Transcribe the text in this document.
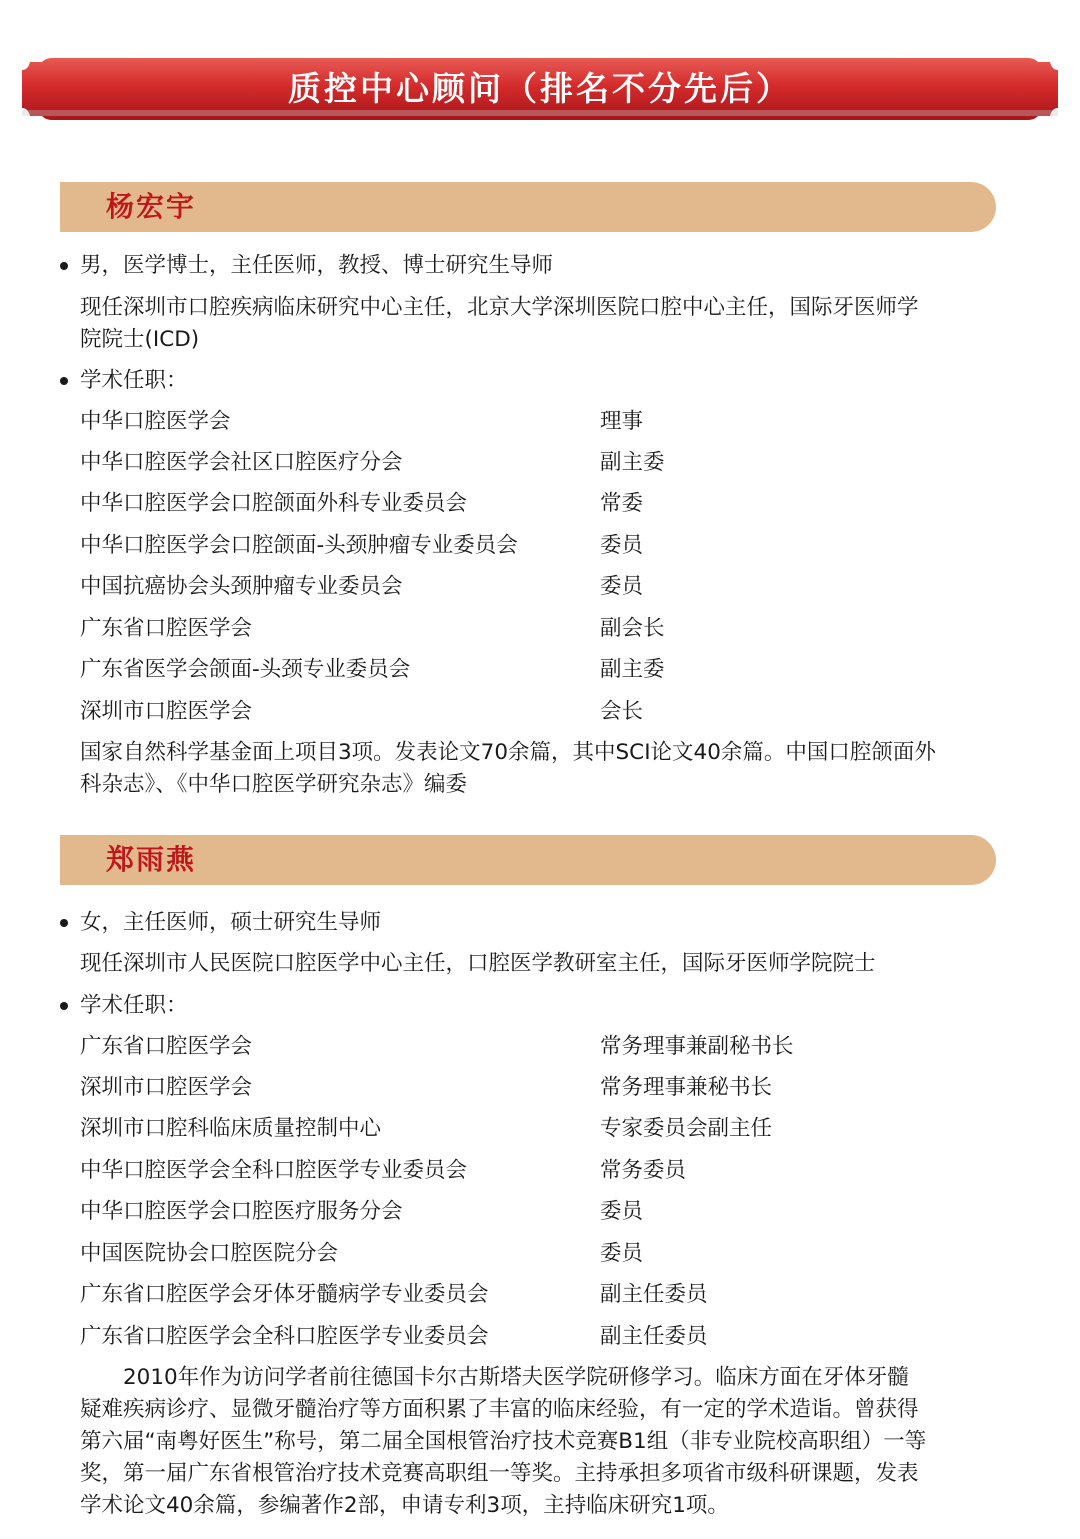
质控中心顾问（排名不分先后）
杨宏宇
男，医学博士，主任医师，教授、博士研究生导师
现任深圳市口腔疾病临床研究中心主任，北京大学深圳医院口腔中心主任，国际牙医师学
院院士(ICD)
学术任职：
中华口腔医学会	理事
中华口腔医学会社区口腔医疗分会	副主委
中华口腔医学会口腔颌面外科专业委员会	常委
中华口腔医学会口腔颌面-头颈肿瘤专业委员会	委员
中国抗癌协会头颈肿瘤专业委员会	委员
广东省口腔医学会	副会长
广东省医学会颌面-头颈专业委员会	副主委
深圳市口腔医学会	会长
国家自然科学基金面上项目3项。发表论文70余篇，其中SCI论文40余篇。中国口腔颌面外
科杂志》、《中华口腔医学研究杂志》编委
郑雨燕
女，主任医师，硕士研究生导师
现任深圳市人民医院口腔医学中心主任，口腔医学教研室主任，国际牙医师学院院士
学术任职：
广东省口腔医学会	常务理事兼副秘书长
深圳市口腔医学会	常务理事兼秘书长
深圳市口腔科临床质量控制中心	专家委员会副主任
中华口腔医学会全科口腔医学专业委员会	常务委员
中华口腔医学会口腔医疗服务分会	委员
中国医院协会口腔医院分会	委员
广东省口腔医学会牙体牙髓病学专业委员会	副主任委员
广东省口腔医学会全科口腔医学专业委员会	副主任委员
　　2010年作为访问学者前往德国卡尔古斯塔夫医学院研修学习。临床方面在牙体牙髓
疑难疾病诊疗、显微牙髓治疗等方面积累了丰富的临床经验，有一定的学术造诣。曾获得
第六届“南粤好医生”称号，第二届全国根管治疗技术竞赛B1组（非专业院校高职组）一等
奖，第一届广东省根管治疗技术竞赛高职组一等奖。主持承担多项省市级科研课题，发表
学术论文40余篇，参编著作2部，申请专利3项，主持临床研究1项。
